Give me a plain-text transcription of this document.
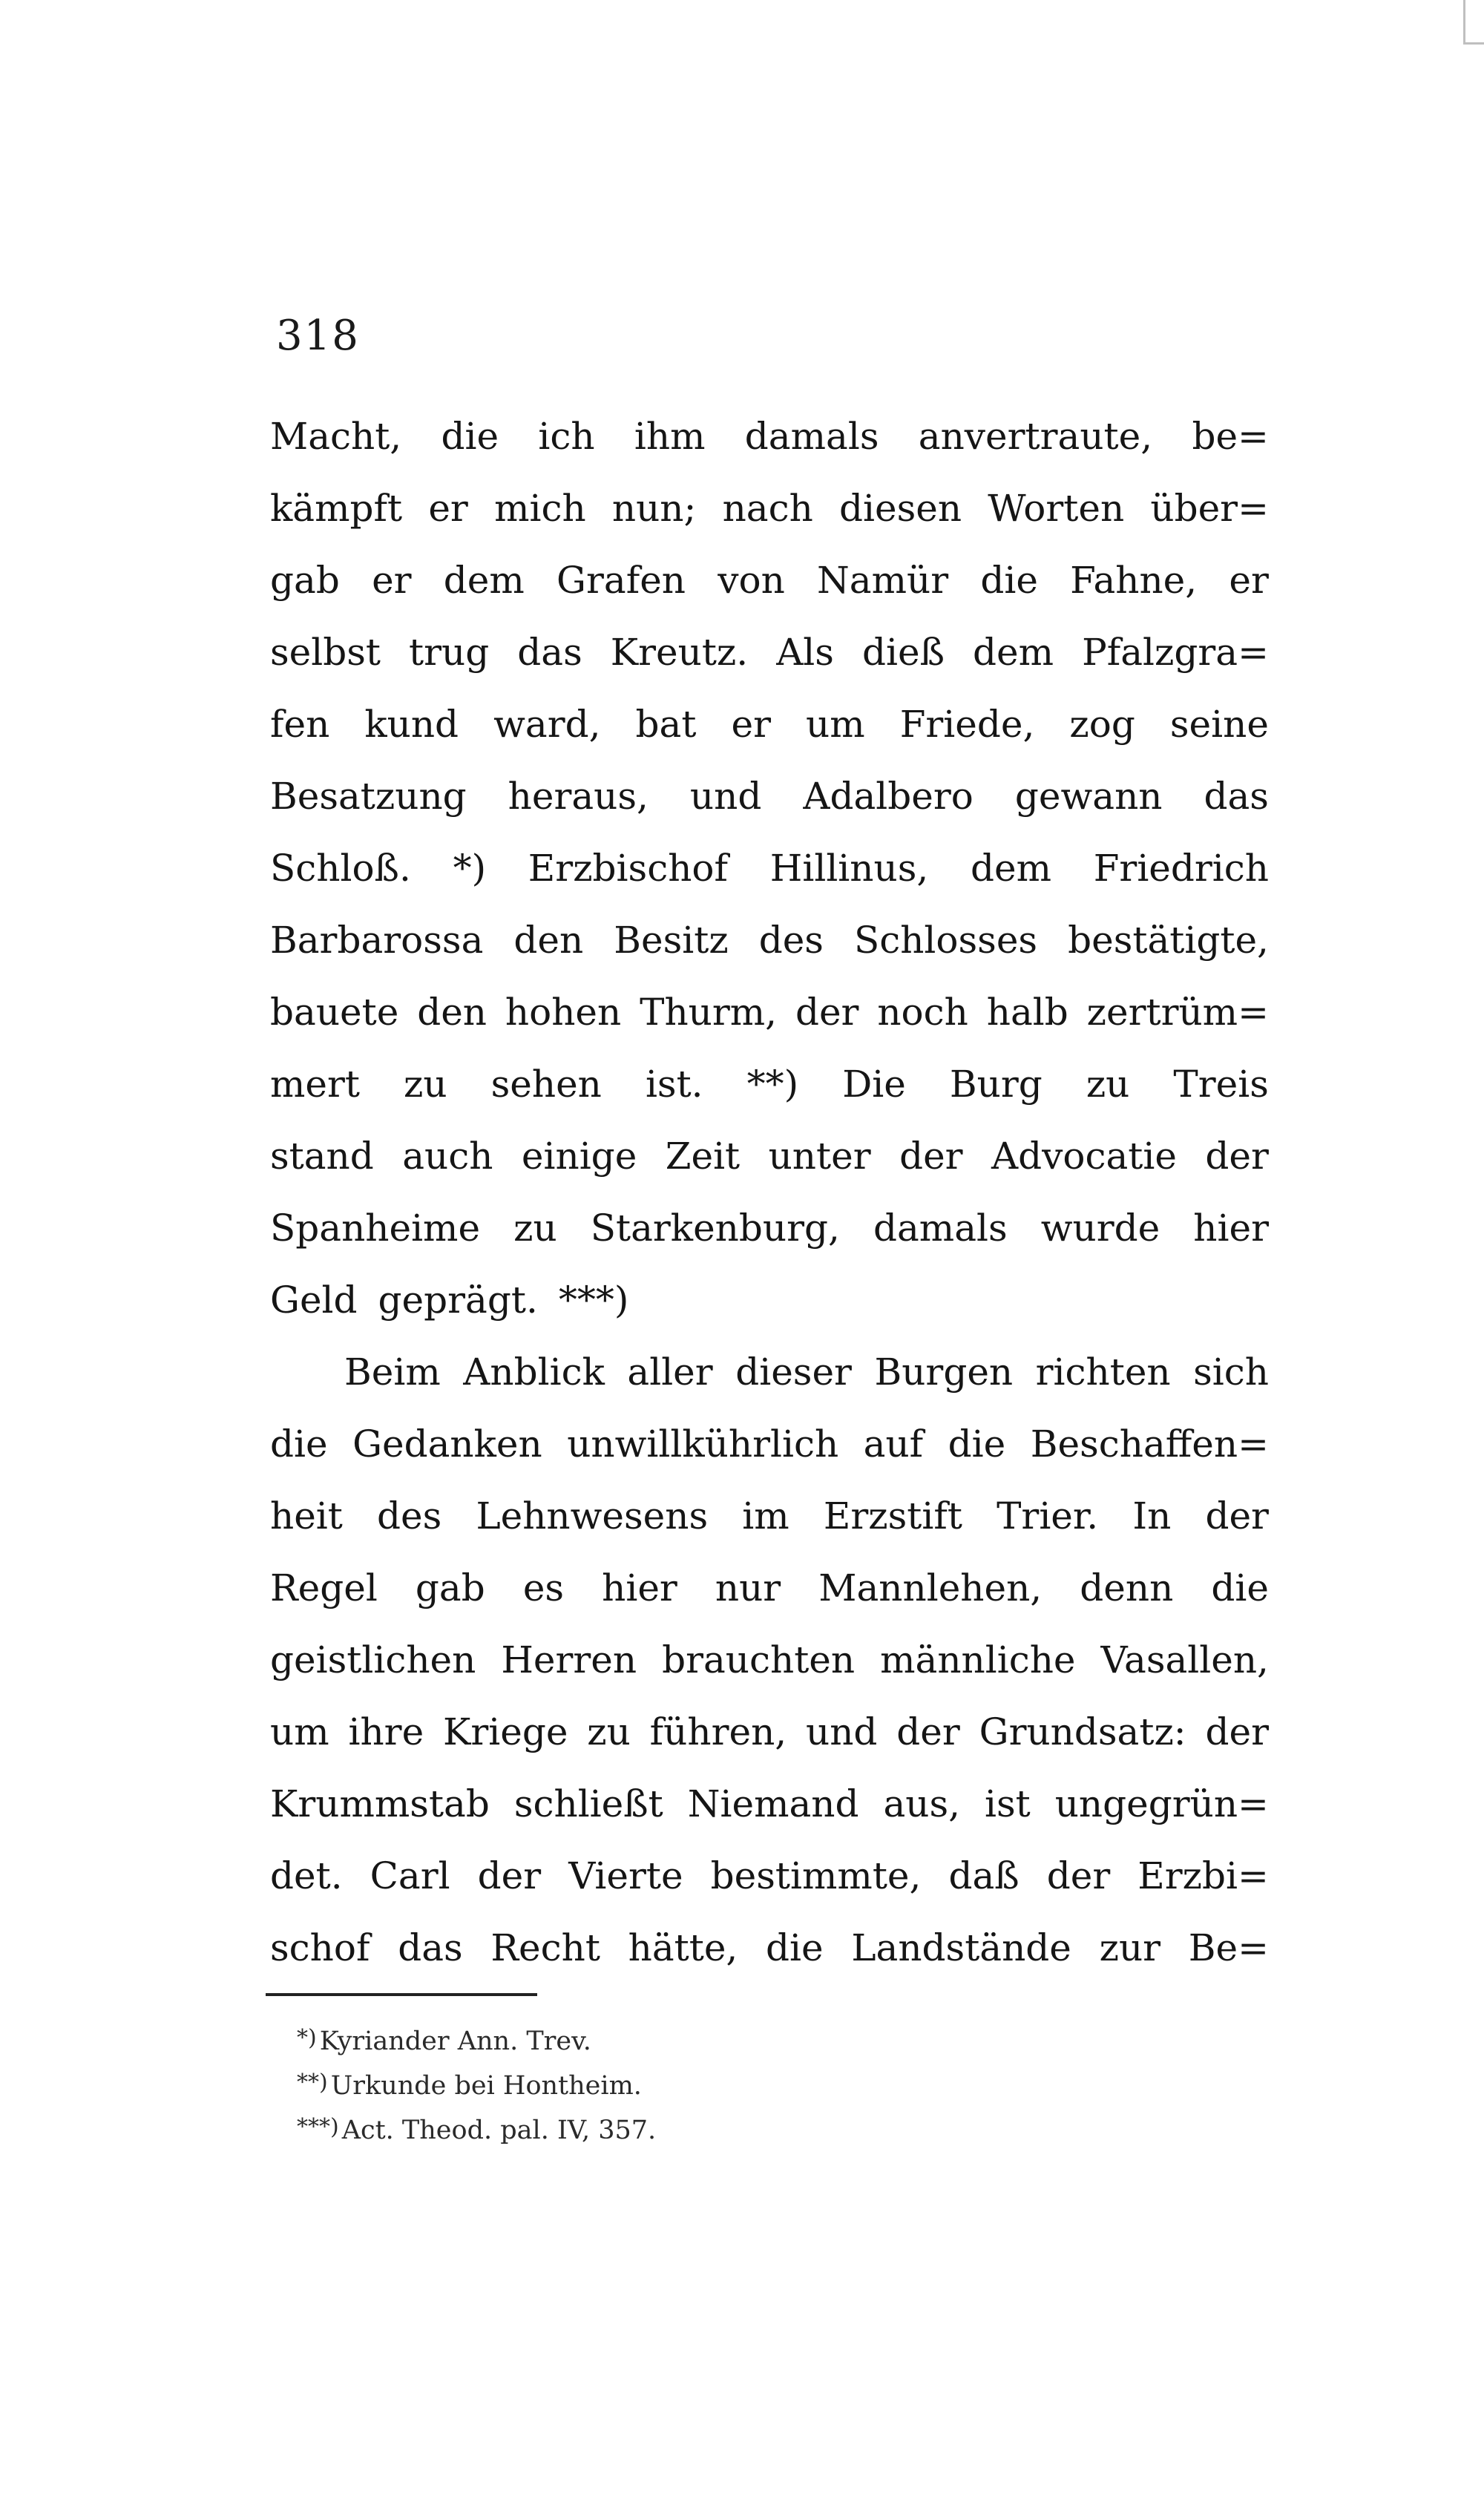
318
Macht, die ich ihm damals anvertraute, be=
kämpft er mich nun; nach diesen Worten über=
gab er dem Grafen von Namür die Fahne, er
selbst trug das Kreutz. Als dieß dem Pfalzgra=
fen kund ward, bat er um Friede, zog seine
Besatzung heraus, und Adalbero gewann das
Schloß. *) Erzbischof Hillinus, dem Friedrich
Barbarossa den Besitz des Schlosses bestätigte,
bauete den hohen Thurm, der noch halb zertrüm=
mert zu sehen ist. **) Die Burg zu Treis
stand auch einige Zeit unter der Advocatie der
Spanheime zu Starkenburg, damals wurde hier
Geld geprägt. ***)
Beim Anblick aller dieser Burgen richten sich
die Gedanken unwillkührlich auf die Beschaffen=
heit des Lehnwesens im Erzstift Trier. In der
Regel gab es hier nur Mannlehen, denn die
geistlichen Herren brauchten männliche Vasallen,
um ihre Kriege zu führen, und der Grundsatz: der
Krummstab schließt Niemand aus, ist ungegrün=
det. Carl der Vierte bestimmte, daß der Erzbi=
schof das Recht hätte, die Landstände zur Be=
*) Kyriander Ann. Trev.
**) Urkunde bei Hontheim.
***) Act. Theod. pal. IV, 357.
